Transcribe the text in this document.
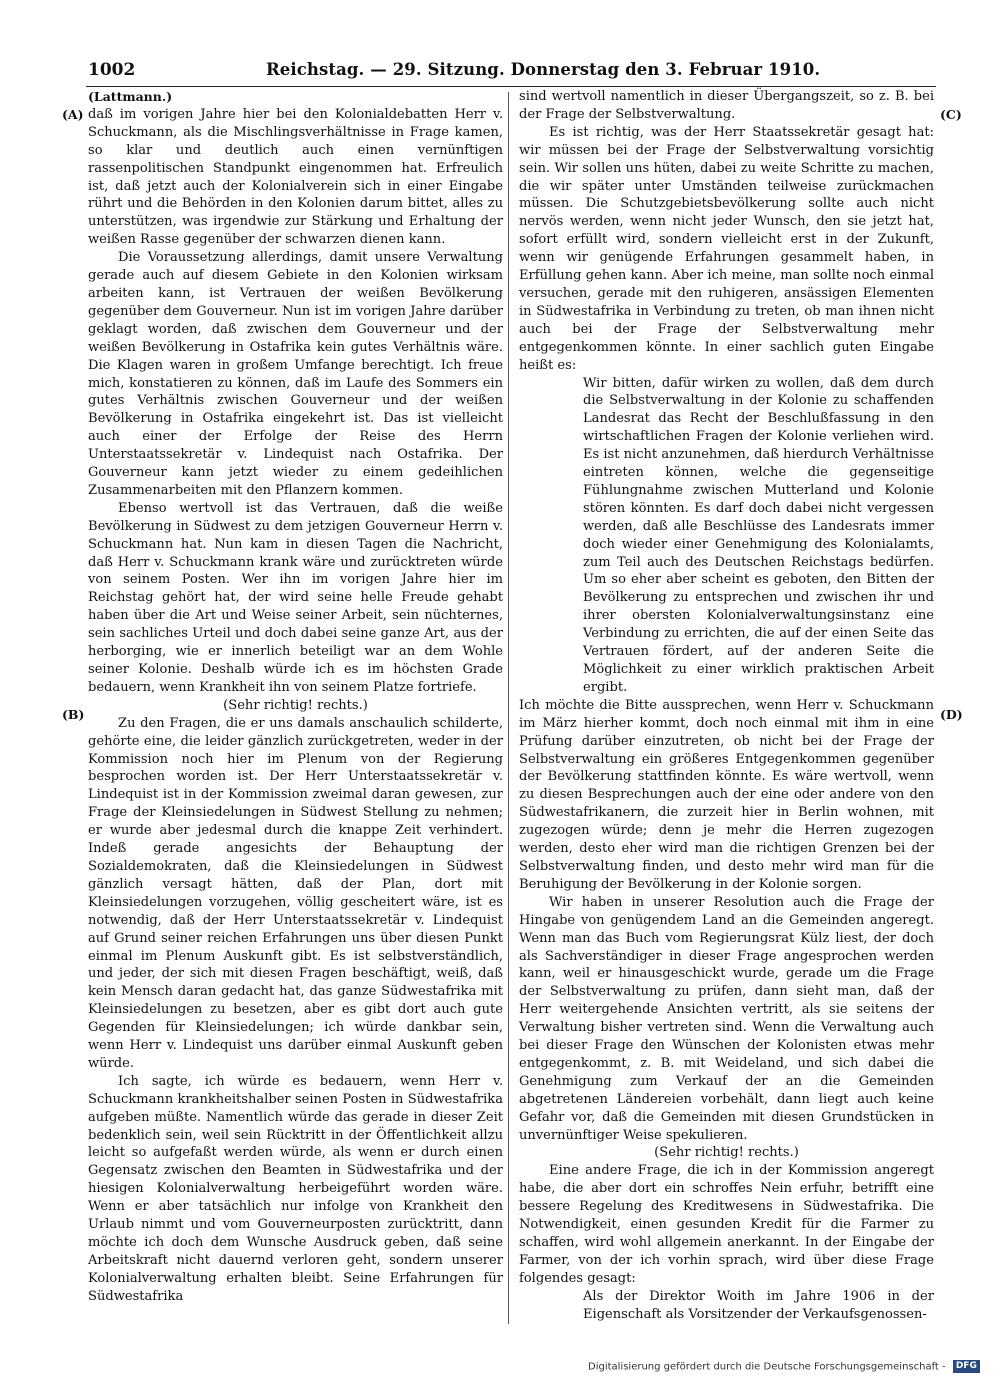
1002	Reichstag. — 29. Sitzung. Donnerstag den 3. Februar 1910.
(A)
(B)
(C)
(D)

(Lattmann.)

daß im vorigen Jahre hier bei den Kolonialdebatten Herr v. Schuckmann, als die Mischlingsverhältnisse in Frage kamen, so klar und deutlich auch einen vernünftigen rassenpolitischen Standpunkt eingenommen hat. Erfreulich ist, daß jetzt auch der Kolonialverein sich in einer Eingabe rührt und die Behörden in den Kolonien darum bittet, alles zu unterstützen, was irgendwie zur Stärkung und Erhaltung der weißen Rasse gegenüber der schwarzen dienen kann.

Die Voraussetzung allerdings, damit unsere Verwaltung gerade auch auf diesem Gebiete in den Kolonien wirksam arbeiten kann, ist Vertrauen der weißen Bevölkerung gegenüber dem Gouverneur. Nun ist im vorigen Jahre darüber geklagt worden, daß zwischen dem Gouverneur und der weißen Bevölkerung in Ostafrika kein gutes Verhältnis wäre. Die Klagen waren in großem Umfange berechtigt. Ich freue mich, konstatieren zu können, daß im Laufe des Sommers ein gutes Verhältnis zwischen Gouverneur und der weißen Bevölkerung in Ostafrika eingekehrt ist. Das ist vielleicht auch einer der Erfolge der Reise des Herrn Unterstaatssekretär v. Lindequist nach Ostafrika. Der Gouverneur kann jetzt wieder zu einem gedeihlichen Zusammenarbeiten mit den Pflanzern kommen.

Ebenso wertvoll ist das Vertrauen, daß die weiße Bevölkerung in Südwest zu dem jetzigen Gouverneur Herrn v. Schuckmann hat. Nun kam in diesen Tagen die Nachricht, daß Herr v. Schuckmann krank wäre und zurücktreten würde von seinem Posten. Wer ihn im vorigen Jahre hier im Reichstag gehört hat, der wird seine helle Freude gehabt haben über die Art und Weise seiner Arbeit, sein nüchternes, sein sachliches Urteil und doch dabei seine ganze Art, aus der herborging, wie er innerlich beteiligt war an dem Wohle seiner Kolonie. Deshalb würde ich es im höchsten Grade bedauern, wenn Krankheit ihn von seinem Platze fortriefe.

(Sehr richtig! rechts.)

Zu den Fragen, die er uns damals anschaulich schilderte, gehörte eine, die leider gänzlich zurückgetreten, weder in der Kommission noch hier im Plenum von der Regierung besprochen worden ist. Der Herr Unterstaatssekretär v. Lindequist ist in der Kommission zweimal daran gewesen, zur Frage der Kleinsiedelungen in Südwest Stellung zu nehmen; er wurde aber jedesmal durch die knappe Zeit verhindert. Indeß gerade angesichts der Behauptung der Sozialdemokraten, daß die Kleinsiedelungen in Südwest gänzlich versagt hätten, daß der Plan, dort mit Kleinsiedelungen vorzugehen, völlig gescheitert wäre, ist es notwendig, daß der Herr Unterstaatssekretär v. Lindequist auf Grund seiner reichen Erfahrungen uns über diesen Punkt einmal im Plenum Auskunft gibt. Es ist selbstverständlich, und jeder, der sich mit diesen Fragen beschäftigt, weiß, daß kein Mensch daran gedacht hat, das ganze Südwestafrika mit Kleinsiedelungen zu besetzen, aber es gibt dort auch gute Gegenden für Kleinsiedelungen; ich würde dankbar sein, wenn Herr v. Lindequist uns darüber einmal Auskunft geben würde.

Ich sagte, ich würde es bedauern, wenn Herr v. Schuckmann krankheitshalber seinen Posten in Südwestafrika aufgeben müßte. Namentlich würde das gerade in dieser Zeit bedenklich sein, weil sein Rücktritt in der Öffentlichkeit allzu leicht so aufgefaßt werden würde, als wenn er durch einen Gegensatz zwischen den Beamten in Südwestafrika und der hiesigen Kolonialverwaltung herbeigeführt worden wäre. Wenn er aber tatsächlich nur infolge von Krankheit den Urlaub nimmt und vom Gouverneurposten zurücktritt, dann möchte ich doch dem Wunsche Ausdruck geben, daß seine Arbeitskraft nicht dauernd verloren geht, sondern unserer Kolonialverwaltung erhalten bleibt. Seine Erfahrungen für Südwestafrika

sind wertvoll namentlich in dieser Übergangszeit, so z. B. bei der Frage der Selbstverwaltung.

Es ist richtig, was der Herr Staatssekretär gesagt hat: wir müssen bei der Frage der Selbstverwaltung vorsichtig sein. Wir sollen uns hüten, dabei zu weite Schritte zu machen, die wir später unter Umständen teilweise zurückmachen müssen. Die Schutzgebietsbevölkerung sollte auch nicht nervös werden, wenn nicht jeder Wunsch, den sie jetzt hat, sofort erfüllt wird, sondern vielleicht erst in der Zukunft, wenn wir genügende Erfahrungen gesammelt haben, in Erfüllung gehen kann. Aber ich meine, man sollte noch einmal versuchen, gerade mit den ruhigeren, ansässigen Elementen in Südwestafrika in Verbindung zu treten, ob man ihnen nicht auch bei der Frage der Selbstverwaltung mehr entgegenkommen könnte. In einer sachlich guten Eingabe heißt es:

Wir bitten, dafür wirken zu wollen, daß dem durch die Selbstverwaltung in der Kolonie zu schaffenden Landesrat das Recht der Beschlußfassung in den wirtschaftlichen Fragen der Kolonie verliehen wird. Es ist nicht anzunehmen, daß hierdurch Verhältnisse eintreten können, welche die gegenseitige Fühlungnahme zwischen Mutterland und Kolonie stören könnten. Es darf doch dabei nicht vergessen werden, daß alle Beschlüsse des Landesrats immer doch wieder einer Genehmigung des Kolonialamts, zum Teil auch des Deutschen Reichstags bedürfen. Um so eher aber scheint es geboten, den Bitten der Bevölkerung zu entsprechen und zwischen ihr und ihrer obersten Kolonialverwaltungsinstanz eine Verbindung zu errichten, die auf der einen Seite das Vertrauen fördert, auf der anderen Seite die Möglichkeit zu einer wirklich praktischen Arbeit ergibt.

Ich möchte die Bitte aussprechen, wenn Herr v. Schuckmann im März hierher kommt, doch noch einmal mit ihm in eine Prüfung darüber einzutreten, ob nicht bei der Frage der Selbstverwaltung ein größeres Entgegenkommen gegenüber der Bevölkerung stattfinden könnte. Es wäre wertvoll, wenn zu diesen Besprechungen auch der eine oder andere von den Südwestafrikanern, die zurzeit hier in Berlin wohnen, mit zugezogen würde; denn je mehr die Herren zugezogen werden, desto eher wird man die richtigen Grenzen bei der Selbstverwaltung finden, und desto mehr wird man für die Beruhigung der Bevölkerung in der Kolonie sorgen.

Wir haben in unserer Resolution auch die Frage der Hingabe von genügendem Land an die Gemeinden angeregt. Wenn man das Buch vom Regierungsrat Külz liest, der doch als Sachverständiger in dieser Frage angesprochen werden kann, weil er hinausgeschickt wurde, gerade um die Frage der Selbstverwaltung zu prüfen, dann sieht man, daß der Herr weitergehende Ansichten vertritt, als sie seitens der Verwaltung bisher vertreten sind. Wenn die Verwaltung auch bei dieser Frage den Wünschen der Kolonisten etwas mehr entgegenkommt, z. B. mit Weideland, und sich dabei die Genehmigung zum Verkauf der an die Gemeinden abgetretenen Ländereien vorbehält, dann liegt auch keine Gefahr vor, daß die Gemeinden mit diesen Grundstücken in unvernünftiger Weise spekulieren.

(Sehr richtig! rechts.)

Eine andere Frage, die ich in der Kommission angeregt habe, die aber dort ein schroffes Nein erfuhr, betrifft eine bessere Regelung des Kreditwesens in Südwestafrika. Die Notwendigkeit, einen gesunden Kredit für die Farmer zu schaffen, wird wohl allgemein anerkannt. In der Eingabe der Farmer, von der ich vorhin sprach, wird über diese Frage folgendes gesagt:

Als der Direktor Woith im Jahre 1906 in der Eigenschaft als Vorsitzender der Verkaufsgenossen-

Digitalisierung gefördert durch die Deutsche Forschungsgemeinschaft - DFG
